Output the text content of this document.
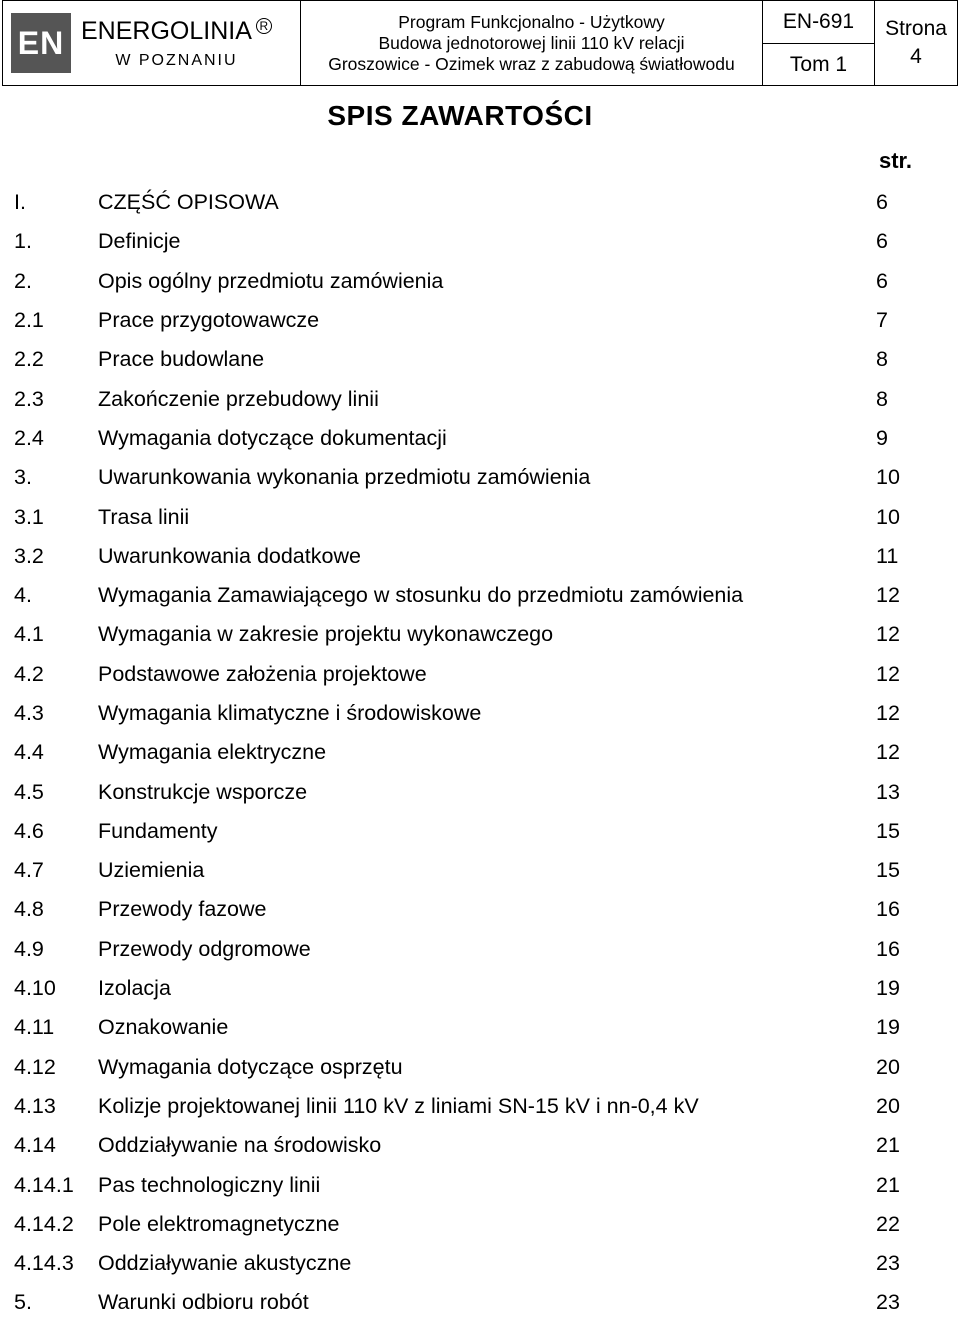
EN ENERGOLINIA R
W POZNANIU
Program Funkcjonalno - Użytkowy
Budowa jednotorowej linii 110 kV relacji
Groszowice - Ozimek wraz z zabudową światłowodu
EN-691
Tom 1
Strona
4
SPIS ZAWARTOŚCI
str.
I.	CZĘŚĆ OPISOWA	6
1.	Definicje	6
2.	Opis ogólny przedmiotu zamówienia	6
2.1	Prace przygotowawcze	7
2.2	Prace budowlane	8
2.3	Zakończenie przebudowy linii	8
2.4	Wymagania dotyczące dokumentacji	9
3.	Uwarunkowania wykonania przedmiotu zamówienia	10
3.1	Trasa linii	10
3.2	Uwarunkowania dodatkowe	11
4.	Wymagania Zamawiającego w stosunku do przedmiotu zamówienia	12
4.1	Wymagania w zakresie projektu wykonawczego	12
4.2	Podstawowe założenia projektowe	12
4.3	Wymagania klimatyczne i środowiskowe	12
4.4	Wymagania elektryczne	12
4.5	Konstrukcje wsporcze	13
4.6	Fundamenty	15
4.7	Uziemienia	15
4.8	Przewody fazowe	16
4.9	Przewody odgromowe	16
4.10	Izolacja	19
4.11	Oznakowanie	19
4.12	Wymagania dotyczące osprzętu	20
4.13	Kolizje projektowanej linii 110 kV z liniami SN-15 kV i nn-0,4 kV	20
4.14	Oddziaływanie na środowisko	21
4.14.1	Pas technologiczny linii	21
4.14.2	Pole elektromagnetyczne	22
4.14.3	Oddziaływanie akustyczne	23
5.	Warunki odbioru robót	23
